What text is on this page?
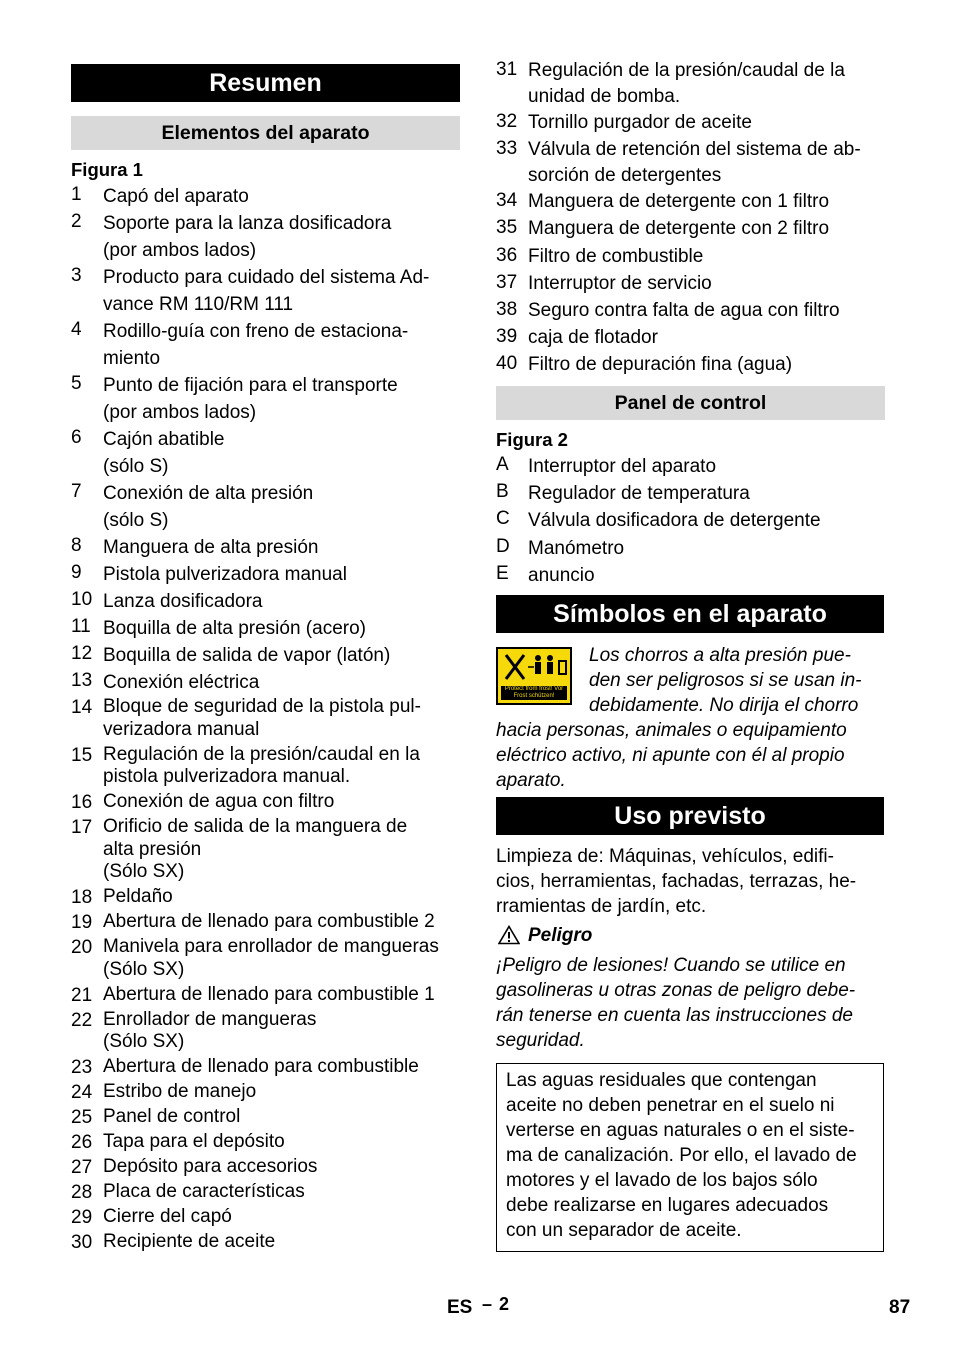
Resumen
Elementos del aparato
Figura 1
1 Capó del aparato
2 Soporte para la lanza dosificadora
(por ambos lados)
3 Producto para cuidado del sistema Ad-
vance RM 110/RM 111
4 Rodillo-guía con freno de estaciona-
miento
5 Punto de fijación para el transporte
(por ambos lados)
6 Cajón abatible
(sólo S)
7 Conexión de alta presión
(sólo S)
8 Manguera de alta presión
9 Pistola pulverizadora manual
10 Lanza dosificadora
11 Boquilla de alta presión (acero)
12 Boquilla de salida de vapor (latón)
13 Conexión eléctrica
14 Bloque de seguridad de la pistola pul-
verizadora manual
15 Regulación de la presión/caudal en la
pistola pulverizadora manual.
16 Conexión de agua con filtro
17 Orificio de salida de la manguera de
alta presión
(Sólo SX)
18 Peldaño
19 Abertura de llenado para combustible 2
20 Manivela para enrollador de mangueras
(Sólo SX)
21 Abertura de llenado para combustible 1
22 Enrollador de mangueras
(Sólo SX)
23 Abertura de llenado para combustible
24 Estribo de manejo
25 Panel de control
26 Tapa para el depósito
27 Depósito para accesorios
28 Placa de características
29 Cierre del capó
30 Recipiente de aceite
31 Regulación de la presión/caudal de la
unidad de bomba.
32 Tornillo purgador de aceite
33 Válvula de retención del sistema de ab-
sorción de detergentes
34 Manguera de detergente con 1 filtro
35 Manguera de detergente con 2 filtro
36 Filtro de combustible
37 Interruptor de servicio
38 Seguro contra falta de agua con filtro
39 caja de flotador
40 Filtro de depuración fina (agua)
Panel de control
Figura 2
A Interruptor del aparato
B Regulador de temperatura
C Válvula dosificadora de detergente
D Manómetro
E anuncio
Símbolos en el aparato
Protect from frost! Vor Frost schützen!
Los chorros a alta presión pue-
den ser peligrosos si se usan in-
debidamente. No dirija el chorro
hacia personas, animales o equipamiento
eléctrico activo, ni apunte con él al propio
aparato.
Uso previsto
Limpieza de: Máquinas, vehículos, edifi-
cios, herramientas, fachadas, terrazas, he-
rramientas de jardín, etc.
Peligro
¡Peligro de lesiones! Cuando se utilice en
gasolineras u otras zonas de peligro debe-
rán tenerse en cuenta las instrucciones de
seguridad.
Las aguas residuales que contengan
aceite no deben penetrar en el suelo ni
verterse en aguas naturales o en el siste-
ma de canalización. Por ello, el lavado de
motores y el lavado de los bajos sólo
debe realizarse en lugares adecuados
con un separador de aceite.
ES – 2	87
